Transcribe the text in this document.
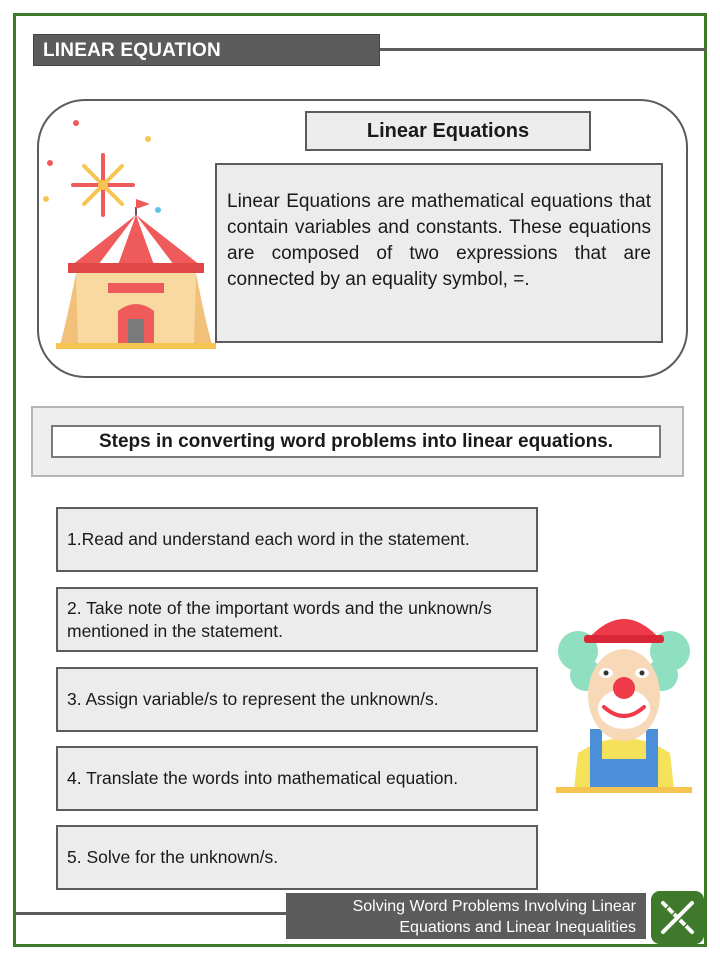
LINEAR EQUATION
Linear Equations

Linear Equations are mathematical equations that contain variables and constants. These equations are composed of two expressions that are connected by an equality symbol, =.

Steps in converting word problems into linear equations.
1.Read and understand each word in the statement.
2. Take note of the important words and the unknown/s mentioned in the statement.
3. Assign variable/s to represent the unknown/s.
4. Translate the words into mathematical equation.
5. Solve for the unknown/s.
Solving Word Problems Involving Linear
Equations and Linear Inequalities
